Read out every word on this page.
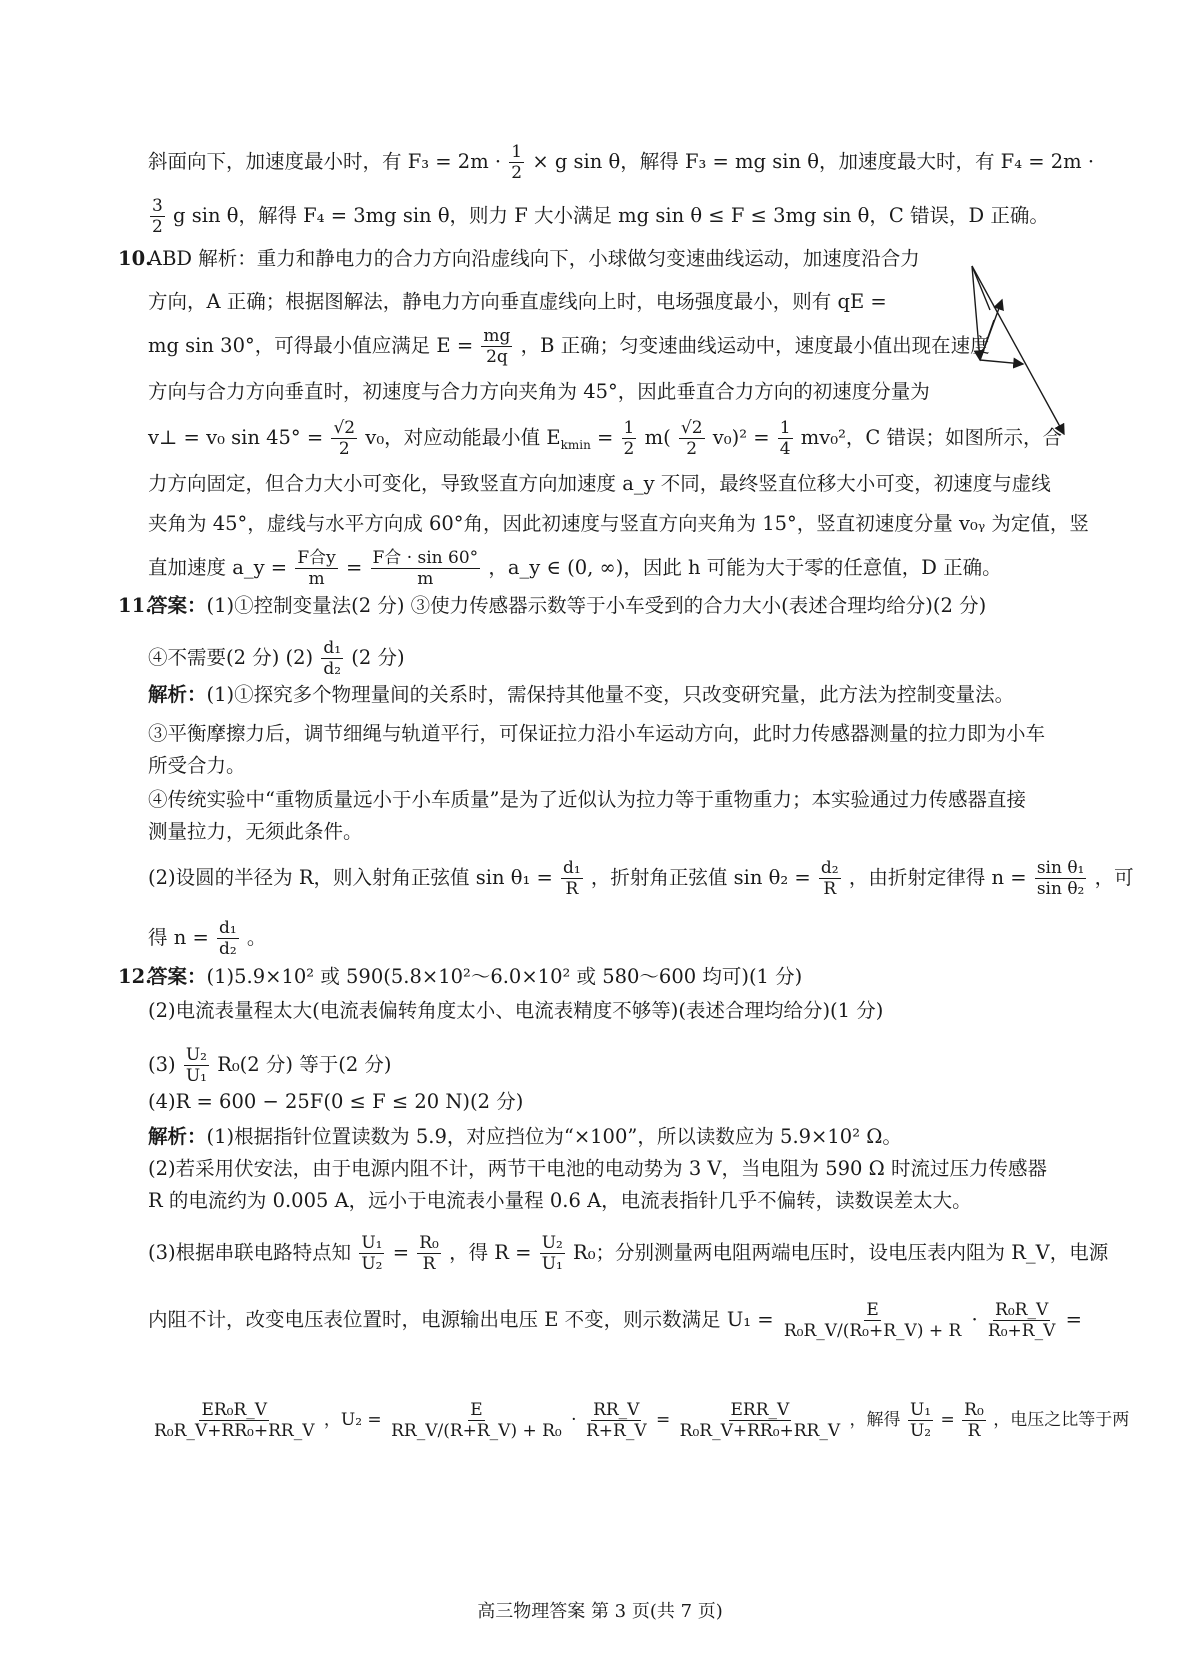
斜面向下，加速度最小时，有 $F_3 = 2m \cdot \frac{1}{2} \times g$ sin θ，解得 F₃ = mg sin θ，加速度最大时，有 F₄ = 2m ·
$\frac{3}{2}$ g sin θ，解得 F₄ = 3mg sin θ，则力 F 大小满足 mg sin θ ≤ F ≤ 3mg sin θ，C 错误，D 正确。
10.
ABD 解析：重力和静电力的合力方向沿虚线向下，小球做匀变速曲线运动，加速度沿合力
方向，A 正确；根据图解法，静电力方向垂直虚线向上时，电场强度最小，则有 qE =
mg sin 30°，可得最小值应满足 $E = \frac{mg}{2q}$ ，B 正确；匀变速曲线运动中，速度最小值出现在速度
方向与合力方向垂直时，初速度与合力方向夹角为 45°，因此垂直合力方向的初速度分量为
v⊥ = v₀ $\sin 45^\circ = \frac{√2}{2} v_0$，对应动能最小值 $E_{kmin} = \frac{1}{2} m( \frac{√2}{2} v_0)^2 = \frac{1}{4} mv_0^2$，C 错误；如图所示，合
力方向固定，但合力大小可变化，导致竖直方向加速度 a_y 不同，最终竖直位移大小可变，初速度与虚线
夹角为 45°，虚线与水平方向成 60°角，因此初速度与竖直方向夹角为 15°，竖直初速度分量 v₀ᵧ 为定值，竖
直加速度 a_y = $\frac{\text{F合y}}{m} = \frac{\text{F合 · sin 60°}}{m}$ ，a_y ∈ (0, ∞)，因此 h 可能为大于零的任意值，D 正确。
11.
答案：(1)①控制变量法(2 分) ③使力传感器示数等于小车受到的合力大小(表述合理均给分)(2 分)
④不需要(2 分) $(2) \frac{\text{d₁}}{\text{d₂}} (2$ 分)
解析：(1)①探究多个物理量间的关系时，需保持其他量不变，只改变研究量，此方法为控制变量法。
③平衡摩擦力后，调节细绳与轨道平行，可保证拉力沿小车运动方向，此时力传感器测量的拉力即为小车
所受合力。
④传统实验中“重物质量远小于小车质量”是为了近似认为拉力等于重物重力；本实验通过力传感器直接
测量拉力，无须此条件。
(2)设圆的半径为 R，则入射角正弦值 $\sin \theta_1 = \frac{\text{d₁}}{R}$ ，折射角正弦值 $\sin \theta_2 = \frac{\text{d₂}}{R}$ ，由折射定律得 $n = \frac{\text{sin θ₁}}{\text{sin θ₂}}$ ，可
得 $n = \frac{\text{d₁}}{\text{d₂}}$ 。
12.
答案：(1)5.9×10² 或 590(5.8×10²～6.0×10² 或 580～600 均可)(1 分)
(2)电流表量程太大(电流表偏转角度太小、电流表精度不够等)(表述合理均给分)(1 分)
$(3) \frac{\text{U₂}}{\text{U₁}} R_0(2$ 分) 等于(2 分)
(4)R = 600 − 25F(0 ≤ F ≤ 20 N)(2 分)
解析：(1)根据指针位置读数为 5.9，对应挡位为“×100”，所以读数应为 5.9×10² Ω。
(2)若采用伏安法，由于电源内阻不计，两节干电池的电动势为 3 V，当电阻为 590 Ω 时流过压力传感器
R 的电流约为 0.005 A，远小于电流表小量程 0.6 A，电流表指针几乎不偏转，读数误差太大。
(3)根据串联电路特点知 $\frac{\text{U₁}}{\text{U₂}} = \frac{\text{R₀}}{R}$ ，得 $R = \frac{\text{U₂}}{\text{U₁}} R_0$；分别测量两电阻两端电压时，设电压表内阻为 R_V，电源
内阻不计，改变电压表位置时，电源输出电压 E 不变，则示数满足 $U_1 = \frac{E}{\text{R₀R\_V/(R₀+R\_V) + R}} \cdot \frac{\text{R₀R\_V}}{\text{R₀+R\_V}}$ =
$\frac{\text{ER₀R\_V}}{\text{R₀R\_V+RR₀+RR\_V}}$ ，$U_2 = \frac{E}{\text{RR\_V/(R+R\_V) + R₀}} \cdot \frac{RR\_V}{R+R\_V} = \frac{\text{ERR\_V}}{\text{R₀R\_V+RR₀+RR\_V}}$ ，解得 $\frac{\text{U₁}}{\text{U₂}} = \frac{\text{R₀}}{R}$ ，电压之比等于两
高三物理答案 第 3 页(共 7 页)
